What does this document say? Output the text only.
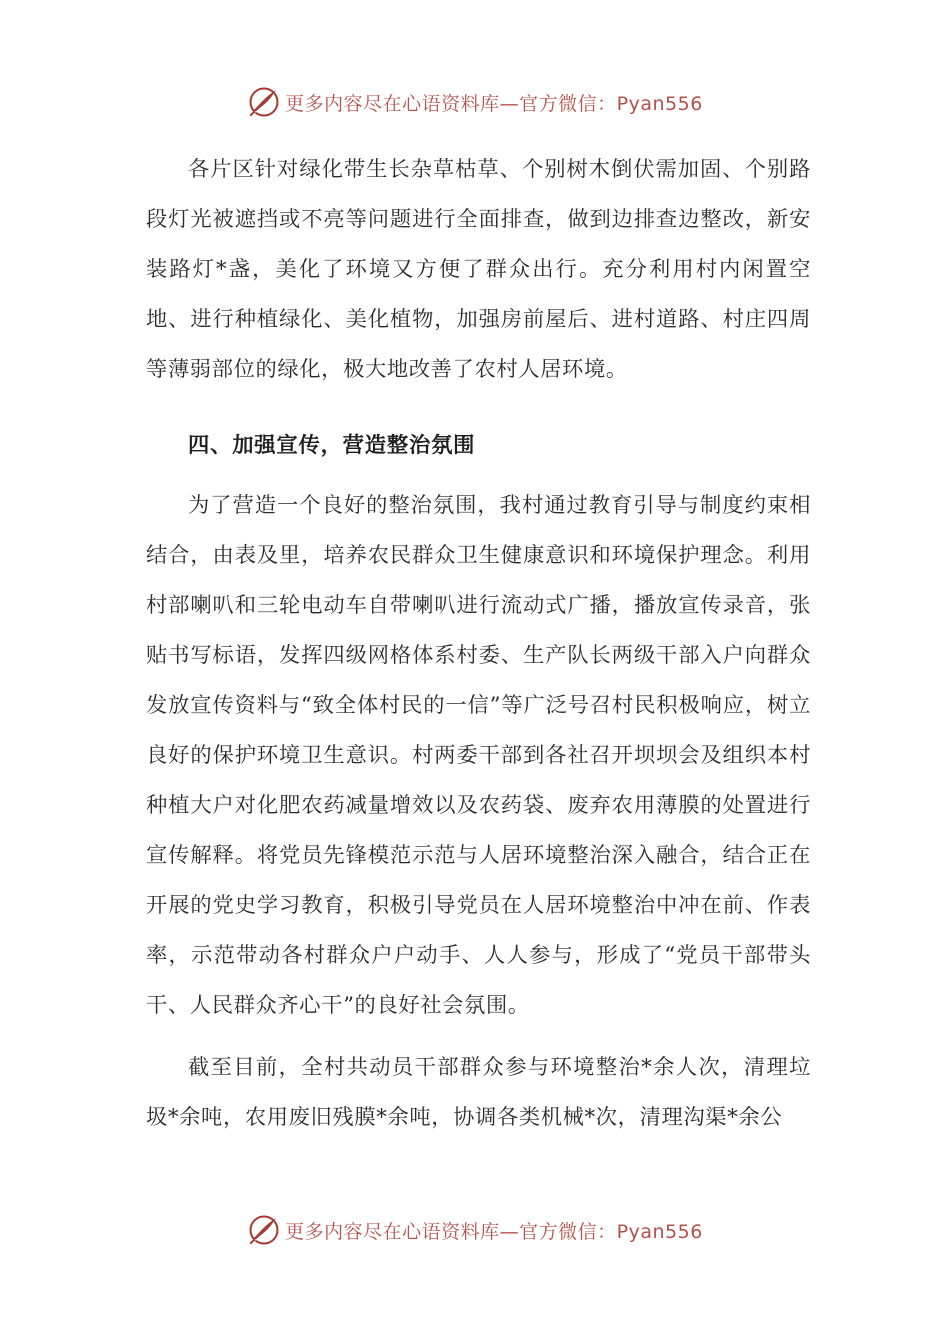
更多内容尽在心语资料库—官方微信：Pyan556

各片区针对绿化带生长杂草枯草、个别树木倒伏需加固、个别路段灯光被遮挡或不亮等问题进行全面排查，做到边排查边整改，新安装路灯*盏，美化了环境又方便了群众出行。充分利用村内闲置空地、进行种植绿化、美化植物，加强房前屋后、进村道路、村庄四周等薄弱部位的绿化，极大地改善了农村人居环境。

四、加强宣传，营造整治氛围

为了营造一个良好的整治氛围，我村通过教育引导与制度约束相结合，由表及里，培养农民群众卫生健康意识和环境保护理念。利用村部喇叭和三轮电动车自带喇叭进行流动式广播，播放宣传录音，张贴书写标语，发挥四级网格体系村委、生产队长两级干部入户向群众发放宣传资料与“致全体村民的一信”等广泛号召村民积极响应，树立良好的保护环境卫生意识。村两委干部到各社召开坝坝会及组织本村种植大户对化肥农药减量增效以及农药袋、废弃农用薄膜的处置进行宣传解释。将党员先锋模范示范与人居环境整治深入融合，结合正在开展的党史学习教育，积极引导党员在人居环境整治中冲在前、作表率，示范带动各村群众户户动手、人人参与，形成了“党员干部带头干、人民群众齐心干”的良好社会氛围。

截至目前，全村共动员干部群众参与环境整治*余人次，清理垃圾*余吨，农用废旧残膜*余吨，协调各类机械*次，清理沟渠*余公

更多内容尽在心语资料库—官方微信：Pyan556
